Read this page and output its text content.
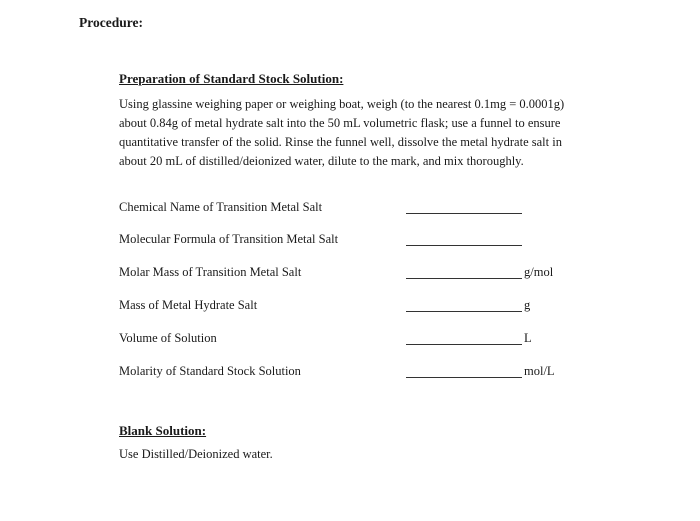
Procedure:
Preparation of Standard Stock Solution:

Using glassine weighing paper or weighing boat, weigh (to the nearest 0.1mg = 0.0001g)
about 0.84g of metal hydrate salt into the 50 mL volumetric flask; use a funnel to ensure
quantitative transfer of the solid. Rinse the funnel well, dissolve the metal hydrate salt in
about 20 mL of distilled/deionized water, dilute to the mark, and mix thoroughly.

Chemical Name of Transition Metal Salt
Molecular Formula of Transition Metal Salt
Molar Mass of Transition Metal Salt	g/mol
Mass of Metal Hydrate Salt	g
Volume of Solution	L
Molarity of Standard Stock Solution	mol/L
Blank Solution:

Use Distilled/Deionized water.
